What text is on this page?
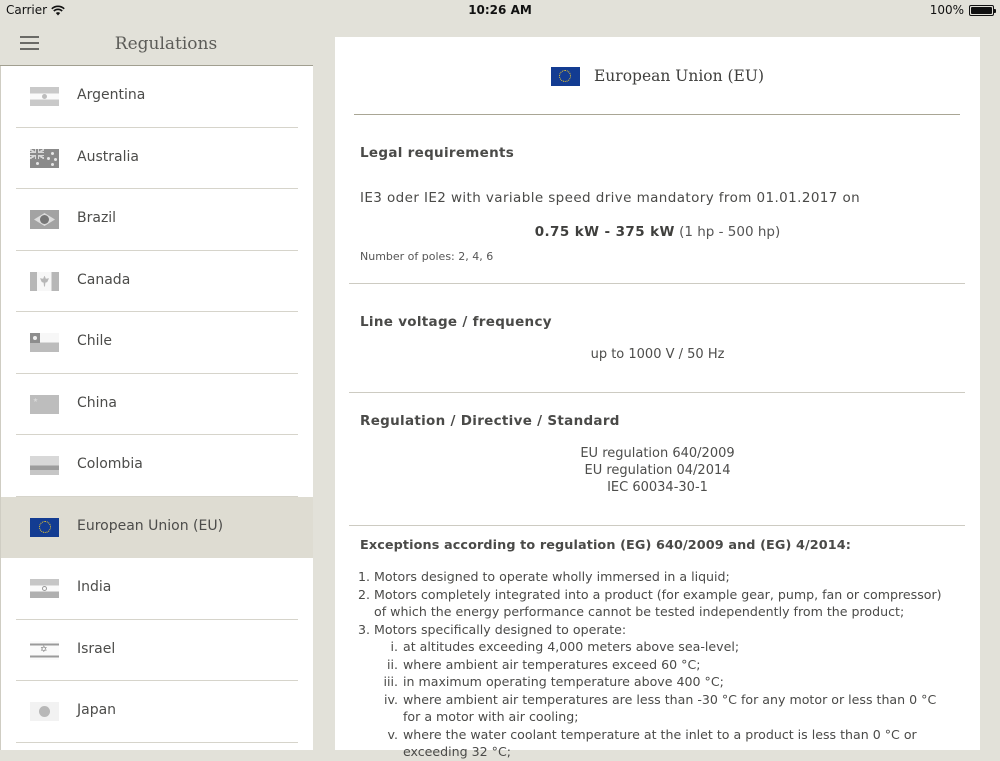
Carrier	10:26 AM	100%
Regulations
Argentina
Australia
Brazil
Canada
Chile
China
Colombia
European Union (EU)
India
✡ Israel
Japan
European Union (EU)
Legal requirements
IE3 oder IE2 with variable speed drive mandatory from 01.01.2017 on
0.75 kW - 375 kW (1 hp - 500 hp)
Number of poles: 2, 4, 6
Line voltage / frequency
up to 1000 V / 50 Hz
Regulation / Directive / Standard
EU regulation 640/2009
EU regulation 04/2014
IEC 60034-30-1
Exceptions according to regulation (EG) 640/2009 and (EG) 4/2014:
1. Motors designed to operate wholly immersed in a liquid;
2. Motors completely integrated into a product (for example gear, pump, fan or compressor) of which the energy performance cannot be tested independently from the product;
3. Motors specifically designed to operate:
i. at altitudes exceeding 4,000 meters above sea-level;
ii. where ambient air temperatures exceed 60 °C;
iii. in maximum operating temperature above 400 °C;
iv. where ambient air temperatures are less than -30 °C for any motor or less than 0 °C for a motor with air cooling;
v. where the water coolant temperature at the inlet to a product is less than 0 °C or exceeding 32 °C;
